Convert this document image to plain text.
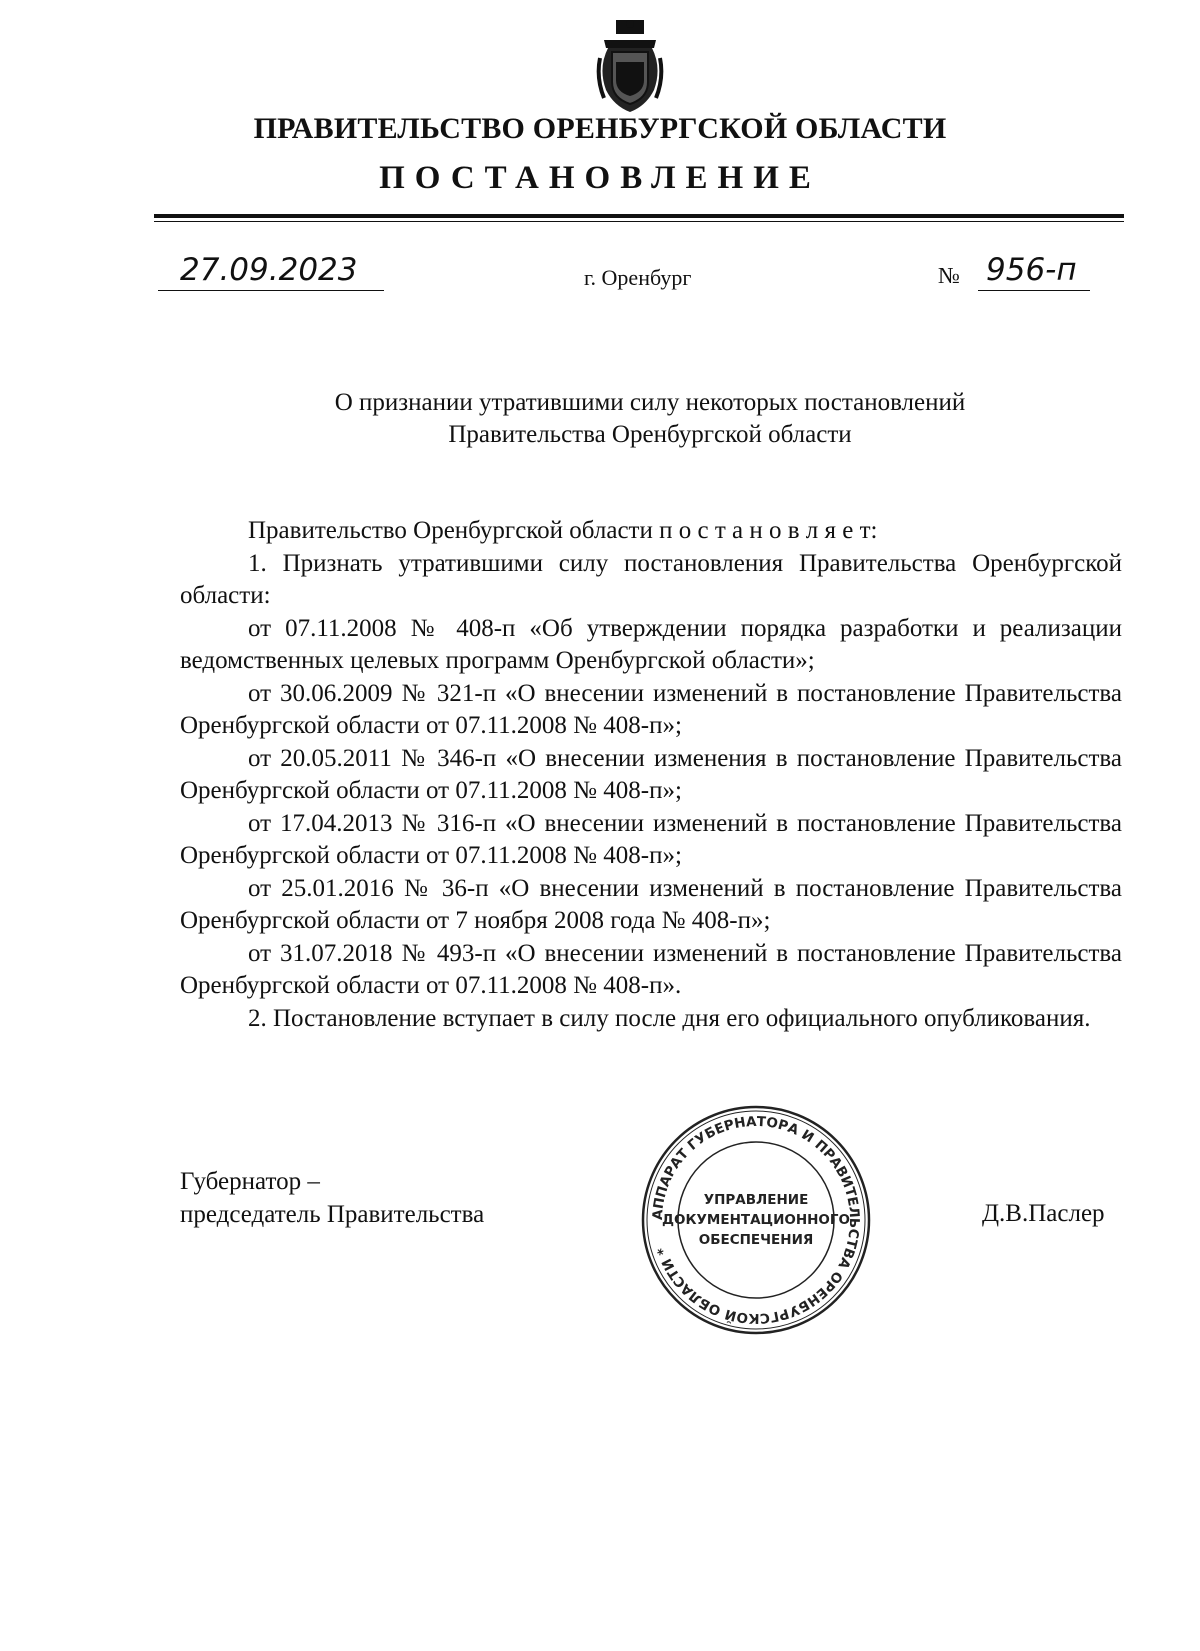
ПРАВИТЕЛЬСТВО ОРЕНБУРГСКОЙ ОБЛАСТИ
ПОСТАНОВЛЕНИЕ
27.09.2023	г. Оренбург	№ 956-п
О признании утратившими силу некоторых постановлений
Правительства Оренбургской области

Правительство Оренбургской области п о с т а н о в л я е т:

1. Признать утратившими силу постановления Правительства Оренбургской области:

от 07.11.2008 № 408-п «Об утверждении порядка разработки и реализации ведомственных целевых программ Оренбургской области»;

от 30.06.2009 № 321-п «О внесении изменений в постановление Правительства Оренбургской области от 07.11.2008 № 408-п»;

от 20.05.2011 № 346-п «О внесении изменения в постановление Правительства Оренбургской области от 07.11.2008 № 408-п»;

от 17.04.2013 № 316-п «О внесении изменений в постановление Правительства Оренбургской области от 07.11.2008 № 408-п»;

от 25.01.2016 № 36-п «О внесении изменений в постановление Правительства Оренбургской области от 7 ноября 2008 года № 408-п»;

от 31.07.2018 № 493-п «О внесении изменений в постановление Правительства Оренбургской области от 07.11.2008 № 408-п».

2. Постановление вступает в силу после дня его официального опубликования.

Губернатор –
председатель Правительства	Д.В.Паслер
АППАРАТ ГУБЕРНАТОРА И ПРАВИТЕЛЬСТВА ОРЕНБУРГСКОЙ ОБЛАСТИ *
УПРАВЛЕНИЕ
ДОКУМЕНТАЦИОННОГО
ОБЕСПЕЧЕНИЯ
